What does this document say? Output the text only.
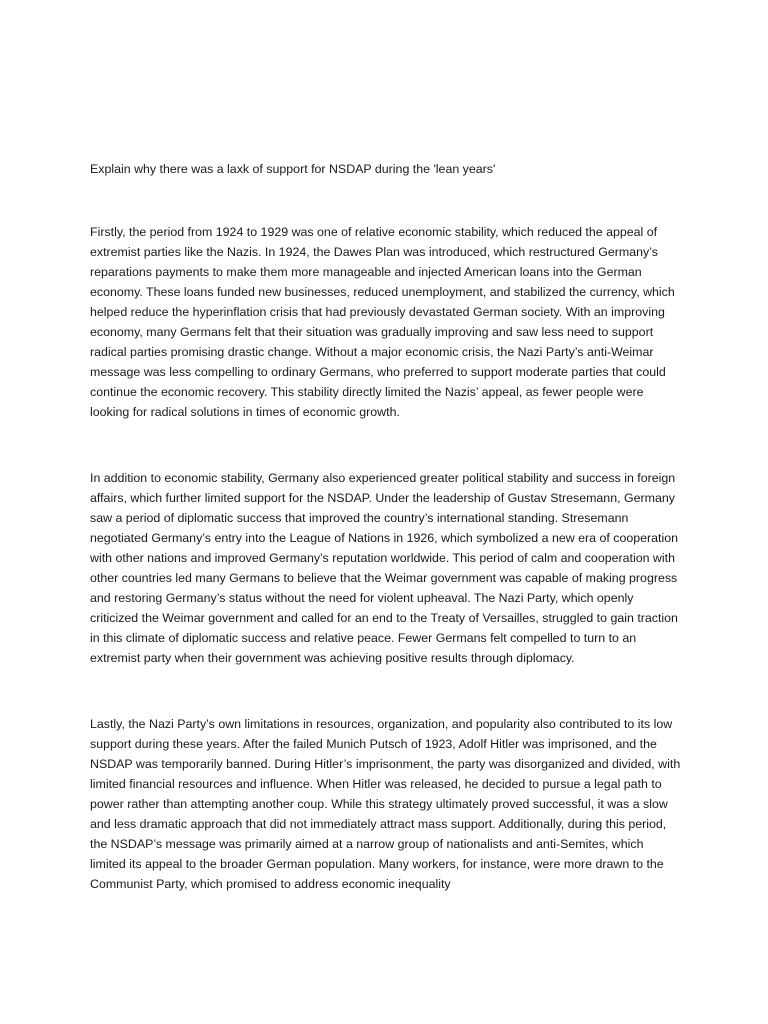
Explain why there was a laxk of support for NSDAP during the 'lean years'

Firstly, the period from 1924 to 1929 was one of relative economic stability, which reduced the appeal of extremist parties like the Nazis. In 1924, the Dawes Plan was introduced, which restructured Germany’s reparations payments to make them more manageable and injected American loans into the German economy. These loans funded new businesses, reduced unemployment, and stabilized the currency, which helped reduce the hyperinflation crisis that had previously devastated German society. With an improving economy, many Germans felt that their situation was gradually improving and saw less need to support radical parties promising drastic change. Without a major economic crisis, the Nazi Party’s anti-Weimar message was less compelling to ordinary Germans, who preferred to support moderate parties that could continue the economic recovery. This stability directly limited the Nazis’ appeal, as fewer people were looking for radical solutions in times of economic growth.

In addition to economic stability, Germany also experienced greater political stability and success in foreign affairs, which further limited support for the NSDAP. Under the leadership of Gustav Stresemann, Germany saw a period of diplomatic success that improved the country’s international standing. Stresemann negotiated Germany’s entry into the League of Nations in 1926, which symbolized a new era of cooperation with other nations and improved Germany’s reputation worldwide. This period of calm and cooperation with other countries led many Germans to believe that the Weimar government was capable of making progress and restoring Germany’s status without the need for violent upheaval. The Nazi Party, which openly criticized the Weimar government and called for an end to the Treaty of Versailles, struggled to gain traction in this climate of diplomatic success and relative peace. Fewer Germans felt compelled to turn to an extremist party when their government was achieving positive results through diplomacy.

Lastly, the Nazi Party’s own limitations in resources, organization, and popularity also contributed to its low support during these years. After the failed Munich Putsch of 1923, Adolf Hitler was imprisoned, and the NSDAP was temporarily banned. During Hitler’s imprisonment, the party was disorganized and divided, with limited financial resources and influence. When Hitler was released, he decided to pursue a legal path to power rather than attempting another coup. While this strategy ultimately proved successful, it was a slow and less dramatic approach that did not immediately attract mass support. Additionally, during this period, the NSDAP’s message was primarily aimed at a narrow group of nationalists and anti-Semites, which limited its appeal to the broader German population. Many workers, for instance, were more drawn to the Communist Party, which promised to address economic inequality
